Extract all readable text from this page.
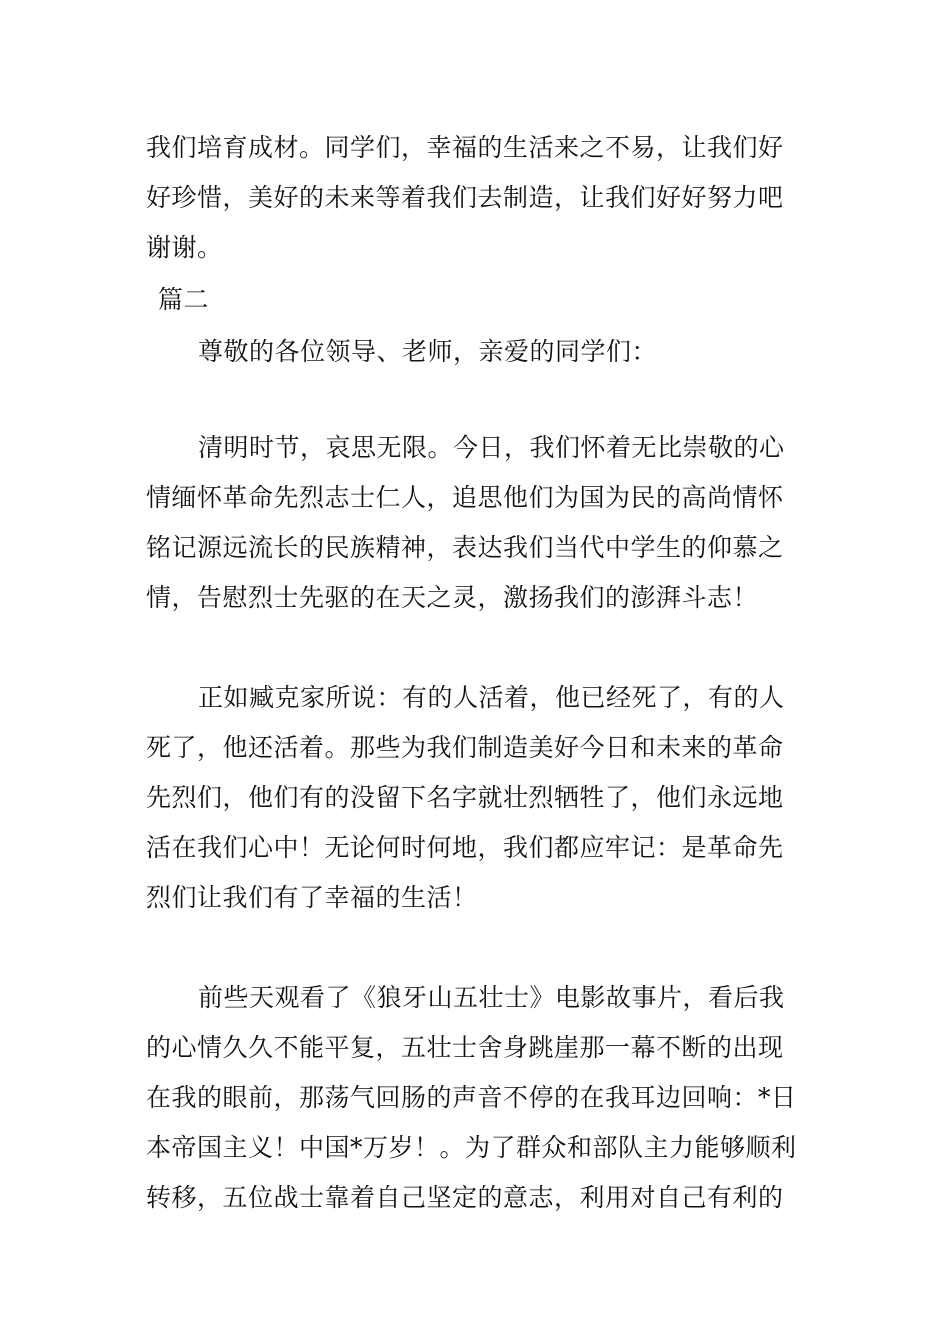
我们培育成材。同学们，幸福的生活来之不易，让我们好
好珍惜，美好的未来等着我们去制造，让我们好好努力吧
谢谢。
篇二
尊敬的各位领导、老师，亲爱的同学们：
清明时节，哀思无限。今日，我们怀着无比崇敬的心
情缅怀革命先烈志士仁人，追思他们为国为民的高尚情怀
铭记源远流长的民族精神，表达我们当代中学生的仰慕之
情，告慰烈士先驱的在天之灵，激扬我们的澎湃斗志！
正如臧克家所说：有的人活着，他已经死了，有的人
死了，他还活着。那些为我们制造美好今日和未来的革命
先烈们，他们有的没留下名字就壮烈牺牲了，他们永远地
活在我们心中！无论何时何地，我们都应牢记：是革命先
烈们让我们有了幸福的生活！
前些天观看了《狼牙山五壮士》电影故事片，看后我
的心情久久不能平复，五壮士舍身跳崖那一幕不断的出现
在我的眼前，那荡气回肠的声音不停的在我耳边回响：*日
本帝国主义！中国*万岁！。为了群众和部队主力能够顺利
转移，五位战士靠着自己坚定的意志，利用对自己有利的
